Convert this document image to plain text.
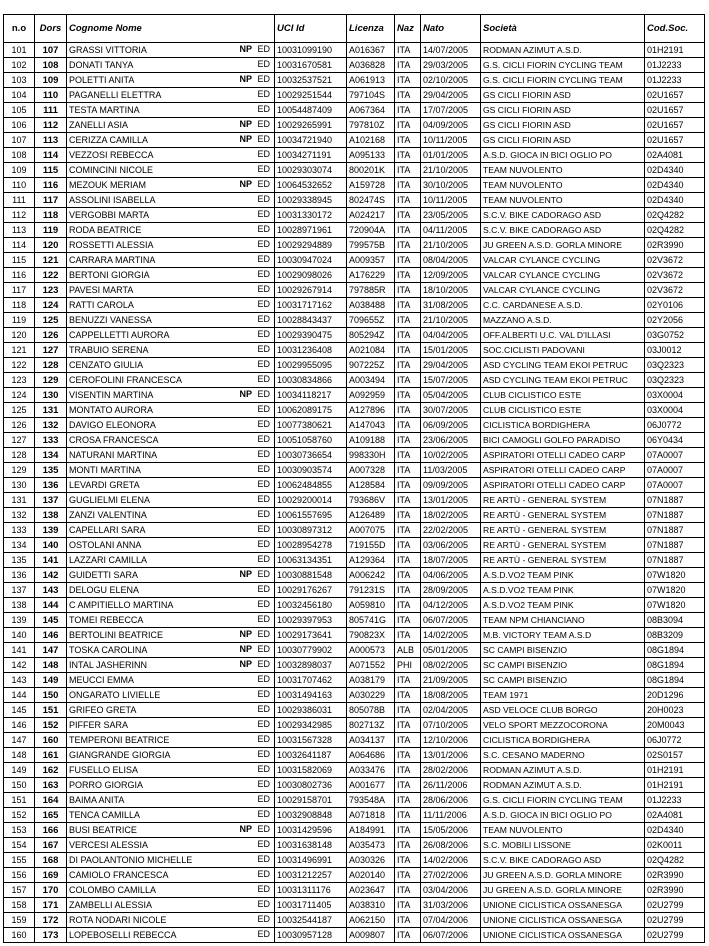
n.o	Dors	Cognome Nome	UCI Id	Licenza	Naz	Nato	Società	Cod.Soc.
101	107	GRASSI VITTORIA NP ED	10031099190	A016367	ITA	14/07/2005	RODMAN AZIMUT A.S.D.	01H2191
102	108	DONATI TANYA ED	10031670581	A036828	ITA	29/03/2005	G.S. CICLI FIORIN CYCLING TEAM	01J2233
103	109	POLETTI ANITA NP ED	10032537521	A061913	ITA	02/10/2005	G.S. CICLI FIORIN CYCLING TEAM	01J2233
104	110	PAGANELLI ELETTRA ED	10029251544	797104S	ITA	29/04/2005	GS CICLI FIORIN ASD	02U1657
105	111	TESTA MARTINA ED	10054487409	A067364	ITA	17/07/2005	GS CICLI FIORIN ASD	02U1657
106	112	ZANELLI ASIA NP ED	10029265991	797810Z	ITA	04/09/2005	GS CICLI FIORIN ASD	02U1657
107	113	CERIZZA CAMILLA NP ED	10034721940	A102168	ITA	10/11/2005	GS CICLI FIORIN ASD	02U1657
108	114	VEZZOSI REBECCA ED	10034271191	A095133	ITA	01/01/2005	A.S.D. GIOCA IN BICI OGLIO PO	02A4081
109	115	COMINCINI NICOLE ED	10029303074	800201K	ITA	21/10/2005	TEAM NUVOLENTO	02D4340
110	116	MEZOUK MERIAM NP ED	10064532652	A159728	ITA	30/10/2005	TEAM NUVOLENTO	02D4340
111	117	ASSOLINI ISABELLA ED	10029338945	802474S	ITA	10/11/2005	TEAM NUVOLENTO	02D4340
112	118	VERGOBBI MARTA ED	10031330172	A024217	ITA	23/05/2005	S.C.V. BIKE CADORAGO ASD	02Q4282
113	119	RODA BEATRICE ED	10028971961	720904A	ITA	04/11/2005	S.C.V. BIKE CADORAGO ASD	02Q4282
114	120	ROSSETTI ALESSIA ED	10029294889	799575B	ITA	21/10/2005	JU GREEN A.S.D. GORLA MINORE	02R3990
115	121	CARRARA MARTINA ED	10030947024	A009357	ITA	08/04/2005	VALCAR CYLANCE CYCLING	02V3672
116	122	BERTONI GIORGIA ED	10029098026	A176229	ITA	12/09/2005	VALCAR CYLANCE CYCLING	02V3672
117	123	PAVESI MARTA ED	10029267914	797885R	ITA	18/10/2005	VALCAR CYLANCE CYCLING	02V3672
118	124	RATTI CAROLA ED	10031717162	A038488	ITA	31/08/2005	C.C. CARDANESE A.S.D.	02Y0106
119	125	BENUZZI VANESSA ED	10028843437	709655Z	ITA	21/10/2005	MAZZANO A.S.D.	02Y2056
120	126	CAPPELLETTI AURORA ED	10029390475	805294Z	ITA	04/04/2005	OFF.ALBERTI U.C. VAL D'ILLASI	03G0752
121	127	TRABUIO SERENA ED	10031236408	A021084	ITA	15/01/2005	SOC.CICLISTI PADOVANI	03J0012
122	128	CENZATO GIULIA ED	10029955095	907225Z	ITA	29/04/2005	ASD CYCLING TEAM EKOI PETRUC	03Q2323
123	129	CEROFOLINI FRANCESCA ED	10030834866	A003494	ITA	15/07/2005	ASD CYCLING TEAM EKOI PETRUC	03Q2323
124	130	VISENTIN MARTINA NP ED	10034118217	A092959	ITA	05/04/2005	CLUB CICLISTICO ESTE	03X0004
125	131	MONTATO AURORA ED	10062089175	A127896	ITA	30/07/2005	CLUB CICLISTICO ESTE	03X0004
126	132	DAVIGO ELEONORA ED	10077380621	A147043	ITA	06/09/2005	CICLISTICA BORDIGHERA	06J0772
127	133	CROSA FRANCESCA ED	10051058760	A109188	ITA	23/06/2005	BICI CAMOGLI GOLFO PARADISO	06Y0434
128	134	NATURANI MARTINA ED	10030736654	998330H	ITA	10/02/2005	ASPIRATORI OTELLI CADEO CARP	07A0007
129	135	MONTI MARTINA ED	10030903574	A007328	ITA	11/03/2005	ASPIRATORI OTELLI CADEO CARP	07A0007
130	136	LEVARDI GRETA ED	10062484855	A128584	ITA	09/09/2005	ASPIRATORI OTELLI CADEO CARP	07A0007
131	137	GUGLIELMI ELENA ED	10029200014	793686V	ITA	13/01/2005	RE ARTÙ - GENERAL SYSTEM	07N1887
132	138	ZANZI VALENTINA ED	10061557695	A126489	ITA	18/02/2005	RE ARTÙ - GENERAL SYSTEM	07N1887
133	139	CAPELLARI SARA ED	10030897312	A007075	ITA	22/02/2005	RE ARTÙ - GENERAL SYSTEM	07N1887
134	140	OSTOLANI ANNA ED	10028954278	719155D	ITA	03/06/2005	RE ARTÙ - GENERAL SYSTEM	07N1887
135	141	LAZZARI CAMILLA ED	10063134351	A129364	ITA	18/07/2005	RE ARTÙ - GENERAL SYSTEM	07N1887
136	142	GUIDETTI SARA NP ED	10030881548	A006242	ITA	04/06/2005	A.S.D.VO2 TEAM PINK	07W1820
137	143	DELOGU ELENA ED	10029176267	791231S	ITA	28/09/2005	A.S.D.VO2 TEAM PINK	07W1820
138	144	C AMPITIELLO MARTINA ED	10032456180	A059810	ITA	04/12/2005	A.S.D.VO2 TEAM PINK	07W1820
139	145	TOMEI REBECCA ED	10029397953	805741G	ITA	06/07/2005	TEAM NPM CHIANCIANO	08B3094
140	146	BERTOLINI BEATRICE NP ED	10029173641	790823X	ITA	14/02/2005	M.B. VICTORY TEAM A.S.D	08B3209
141	147	TOSKA CAROLINA NP ED	10030779902	A000573	ALB	05/01/2005	SC CAMPI BISENZIO	08G1894
142	148	INTAL JASHERINN NP ED	10032898037	A071552	PHI	08/02/2005	SC CAMPI BISENZIO	08G1894
143	149	MEUCCI EMMA ED	10031707462	A038179	ITA	21/09/2005	SC CAMPI BISENZIO	08G1894
144	150	ONGARATO LIVIELLE ED	10031494163	A030229	ITA	18/08/2005	TEAM 1971	20D1296
145	151	GRIFEO GRETA ED	10029386031	805078B	ITA	02/04/2005	ASD VELOCE CLUB BORGO	20H0023
146	152	PIFFER SARA ED	10029342985	802713Z	ITA	07/10/2005	VELO SPORT MEZZOCORONA	20M0043
147	160	TEMPERONI BEATRICE ED	10031567328	A034137	ITA	12/10/2006	CICLISTICA BORDIGHERA	06J0772
148	161	GIANGRANDE GIORGIA ED	10032641187	A064686	ITA	13/01/2006	S.C. CESANO MADERNO	02S0157
149	162	FUSELLO ELISA ED	10031582069	A033476	ITA	28/02/2006	RODMAN AZIMUT A.S.D.	01H2191
150	163	PORRO GIORGIA ED	10030802736	A001677	ITA	26/11/2006	RODMAN AZIMUT A.S.D.	01H2191
151	164	BAIMA ANITA ED	10029158701	793548A	ITA	28/06/2006	G.S. CICLI FIORIN CYCLING TEAM	01J2233
152	165	TENCA CAMILLA ED	10032908848	A071818	ITA	11/11/2006	A.S.D. GIOCA IN BICI OGLIO PO	02A4081
153	166	BUSI BEATRICE NP ED	10031429596	A184991	ITA	15/05/2006	TEAM NUVOLENTO	02D4340
154	167	VERCESI ALESSIA ED	10031638148	A035473	ITA	26/08/2006	S.C. MOBILI LISSONE	02K0011
155	168	DI PAOLANTONIO MICHELLE ED	10031496991	A030326	ITA	14/02/2006	S.C.V. BIKE CADORAGO ASD	02Q4282
156	169	CAMIOLO FRANCESCA ED	10031212257	A020140	ITA	27/02/2006	JU GREEN A.S.D. GORLA MINORE	02R3990
157	170	COLOMBO CAMILLA ED	10031311176	A023647	ITA	03/04/2006	JU GREEN A.S.D. GORLA MINORE	02R3990
158	171	ZAMBELLI ALESSIA ED	10031711405	A038310	ITA	31/03/2006	UNIONE CICLISTICA OSSANESGA	02U2799
159	172	ROTA NODARI NICOLE ED	10032544187	A062150	ITA	07/04/2006	UNIONE CICLISTICA OSSANESGA	02U2799
160	173	LOPEBOSELLI REBECCA ED	10030957128	A009807	ITA	06/07/2006	UNIONE CICLISTICA OSSANESGA	02U2799
